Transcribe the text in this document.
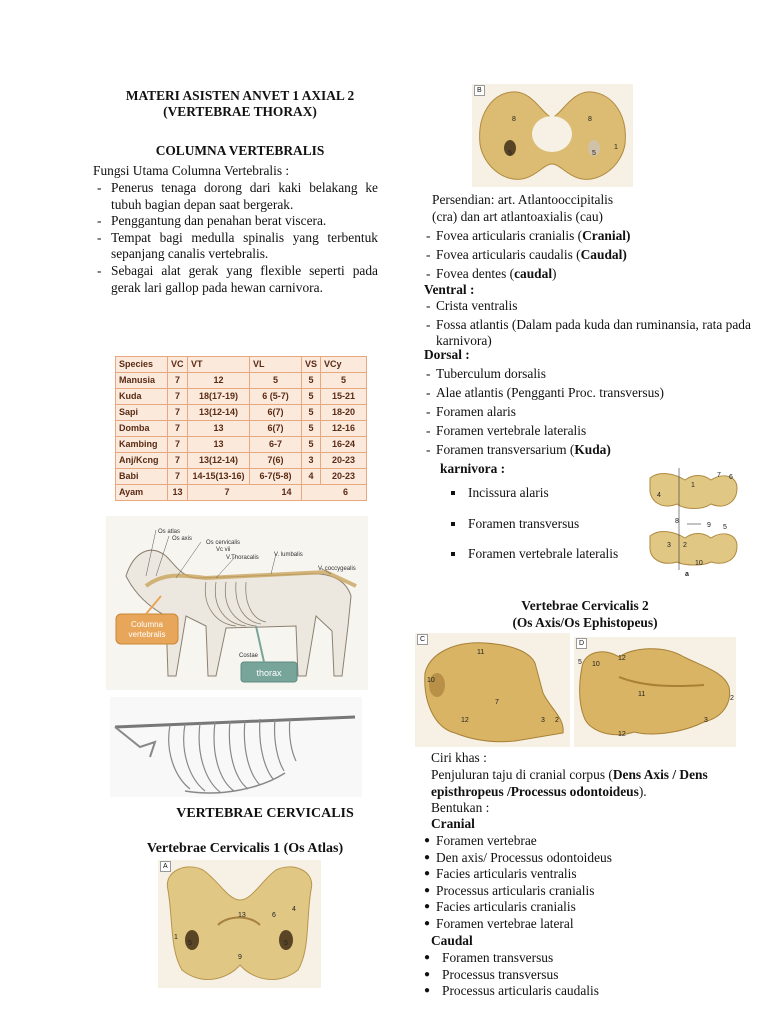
MATERI ASISTEN ANVET 1 AXIAL 2
(VERTEBRAE THORAX)
COLUMNA VERTEBRALIS
Fungsi Utama Columna Vertebralis :
- Penerus tenaga dorong dari kaki belakang ke tubuh bagian depan saat bergerak.
- Penggantung dan penahan berat viscera.
- Tempat bagi medulla spinalis yang terbentuk sepanjang canalis vertebralis.
- Sebagai alat gerak yang flexible seperti pada gerak lari gallop pada hewan carnivora.
Species	VC	VT	VL	VS	VCy
Manusia	7	12	5	5	5
Kuda	7	18(17-19)	6 (5-7)	5	15-21
Sapi	7	13(12-14)	6(7)	5	18-20
Domba	7	13	6(7)	5	12-16
Kambing	7	13	6-7	5	16-24
Anj/Kcng	7	13(12-14)	7(6)	3	20-23
Babi	7	14-15(13-16)	6-7(5-8)	4	20-23
Ayam	13	7 14		6	
Columna
vertebralis
thorax
Os atlas
Os axis
Os cervicalis
Vc vii
V.Thoracalis	V. lumbalis
V. coccygealis
Costae
VERTEBRAE CERVICALIS
Vertebrae Cervicalis 1 (Os Atlas)
A
13	6
4
1
5	5
9
B
8	8
5	5
1
Persendian: art. Atlantooccipitalis
(cra) dan art atlantoaxialis (cau)
- Fovea articularis cranialis (Cranial)
- Fovea articularis caudalis (Caudal)
- Fovea dentes (caudal)
Ventral :
- Crista ventralis
- Fossa atlantis (Dalam pada kuda dan ruminansia, rata pada karnivora)
Dorsal :
- Tuberculum dorsalis
- Alae atlantis (Pengganti Proc. transversus)
- Foramen alaris
- Foramen vertebrale lateralis
- Foramen transversarium (Kuda)
karnivora :
Incissura alaris
Foramen transversus
Foramen vertebrale lateralis
7 6
4
1
8
9 5
10
2
3
a
Vertebrae Cervicalis 2
(Os Axis/Os Ephistopeus)
C
11
10
7
12	3 2
D
5 10
12
11
2
3
12
Ciri khas :
Penjuluran taju di cranial corpus (Dens Axis / Dens episthropeus /Processus odontoideus).
Bentukan :
Cranial
● Foramen vertebrae
● Den axis/ Processus odontoideus
● Facies articularis ventralis
● Processus articularis cranialis
● Facies articularis cranialis
● Foramen vertebrae lateral
Caudal
● Foramen transversus
● Processus transversus
● Processus articularis caudalis
